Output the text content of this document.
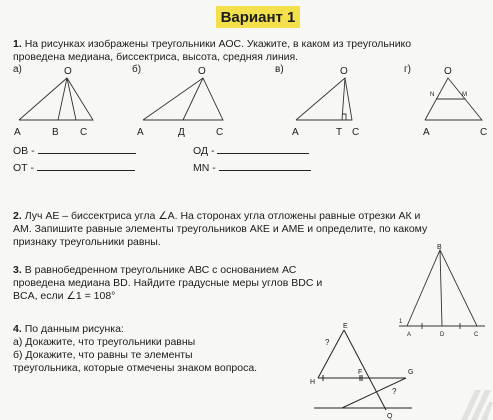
Вариант 1
1. На рисунках изображены треугольники АОС. Укажите, в каком из треугольнико
проведена медиана, биссектриса, высота, средняя линия.
а)	О
А	В С
б)	О
А	Д	С
в)	О
А	Т С
г)	О
N	M
А	С
ОВ -	ОД -
ОТ -	MN -
2. Луч АЕ – биссектриса угла ∠А. На сторонах угла отложены равные отрезки АК и
АМ. Запишите равные элементы треугольников АКЕ и АМЕ и определите, по какому
признаку треугольники равны.
3. В равнобедренном треугольнике АВС с основанием АС
проведена медиана BD. Найдите градусные меры углов BDC и
BCA, если ∠1 = 108°
B
A	D	C
1
4. По данным рисунка:
а) Докажите, что треугольники равны
б) Докажите, что равны те элементы
треугольника, которые отмечены знаком вопроса.
E
?
H
F	G
?
Q
